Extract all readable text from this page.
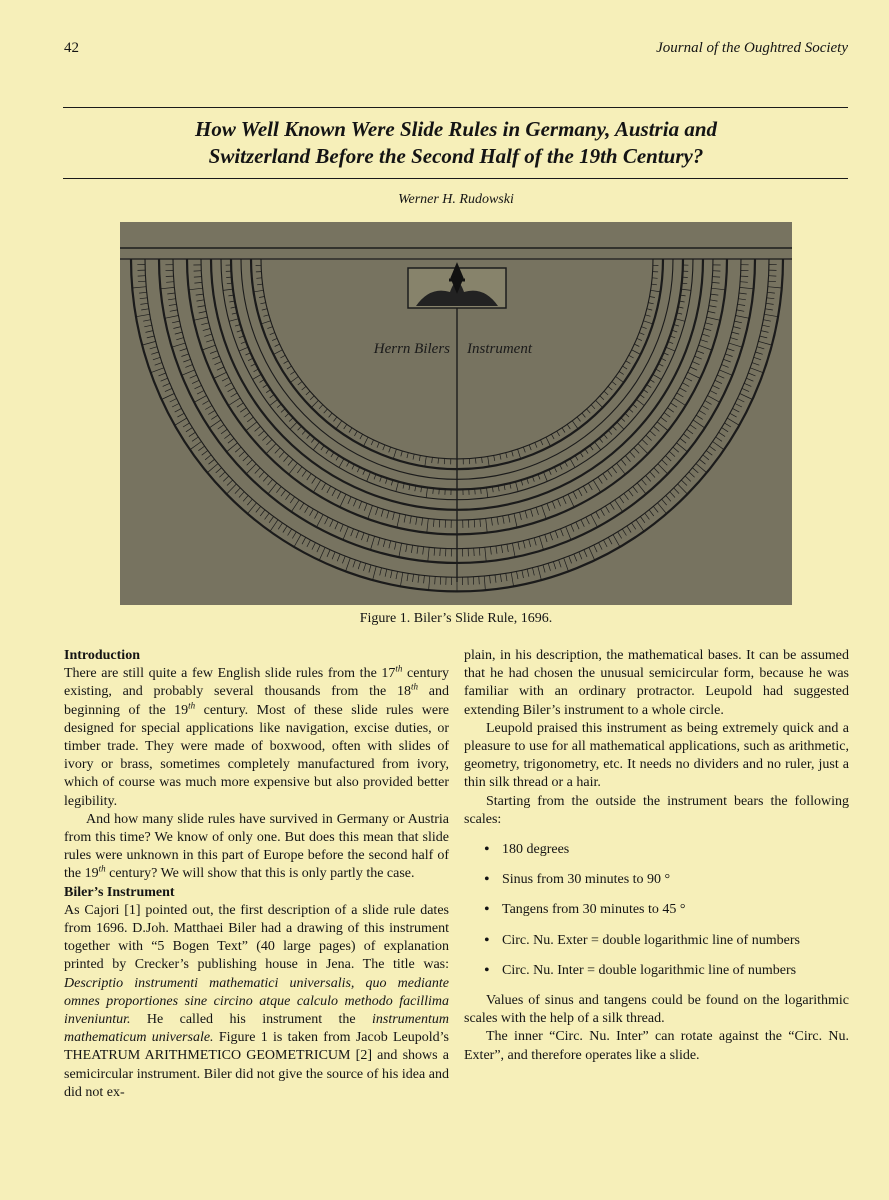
42	Journal of the Oughtred Society
How Well Known Were Slide Rules in Germany, Austria and
Switzerland Before the Second Half of the 19th Century?
Werner H. Rudowski
Herrn Bilers Instrument
Figure 1. Biler’s Slide Rule, 1696.
Introduction

There are still quite a few English slide rules from the 17th century existing, and probably several thousands from the 18th and beginning of the 19th century. Most of these slide rules were designed for special applications like navigation, excise duties, or timber trade. They were made of boxwood, often with slides of ivory or brass, sometimes completely manufactured from ivory, which of course was much more expensive but also provided better legibility.

And how many slide rules have survived in Germany or Austria from this time? We know of only one. But does this mean that slide rules were unknown in this part of Europe before the second half of the 19th century? We will show that this is only partly the case.

Biler’s Instrument

As Cajori [1] pointed out, the first description of a slide rule dates from 1696. D.Joh. Matthaei Biler had a drawing of this instrument together with “5 Bogen Text” (40 large pages) of explanation printed by Crecker’s publishing house in Jena. The title was: Descriptio instrumenti mathematici universalis, quo mediante omnes proportiones sine circino atque calculo methodo facillima inveniuntur. He called his instrument the instrumentum mathematicum universale. Figure 1 is taken from Jacob Leupold’s THEATRUM ARITHMETICO GEOMETRICUM [2] and shows a semicircular instrument. Biler did not give the source of his idea and did not ex-

plain, in his description, the mathematical bases. It can be assumed that he had chosen the unusual semicircular form, because he was familiar with an ordinary protractor. Leupold had suggested extending Biler’s instrument to a whole circle.

Leupold praised this instrument as being extremely quick and a pleasure to use for all mathematical applications, such as arithmetic, geometry, trigonometry, etc. It needs no dividers and no ruler, just a thin silk thread or a hair.

Starting from the outside the instrument bears the following scales:

• 180 degrees
• Sinus from 30 minutes to 90 °
• Tangens from 30 minutes to 45 °
• Circ. Nu. Exter = double logarithmic line of numbers
• Circ. Nu. Inter = double logarithmic line of numbers

Values of sinus and tangens could be found on the logarithmic scales with the help of a silk thread.

The inner “Circ. Nu. Inter” can rotate against the “Circ. Nu. Exter”, and therefore operates like a slide.
